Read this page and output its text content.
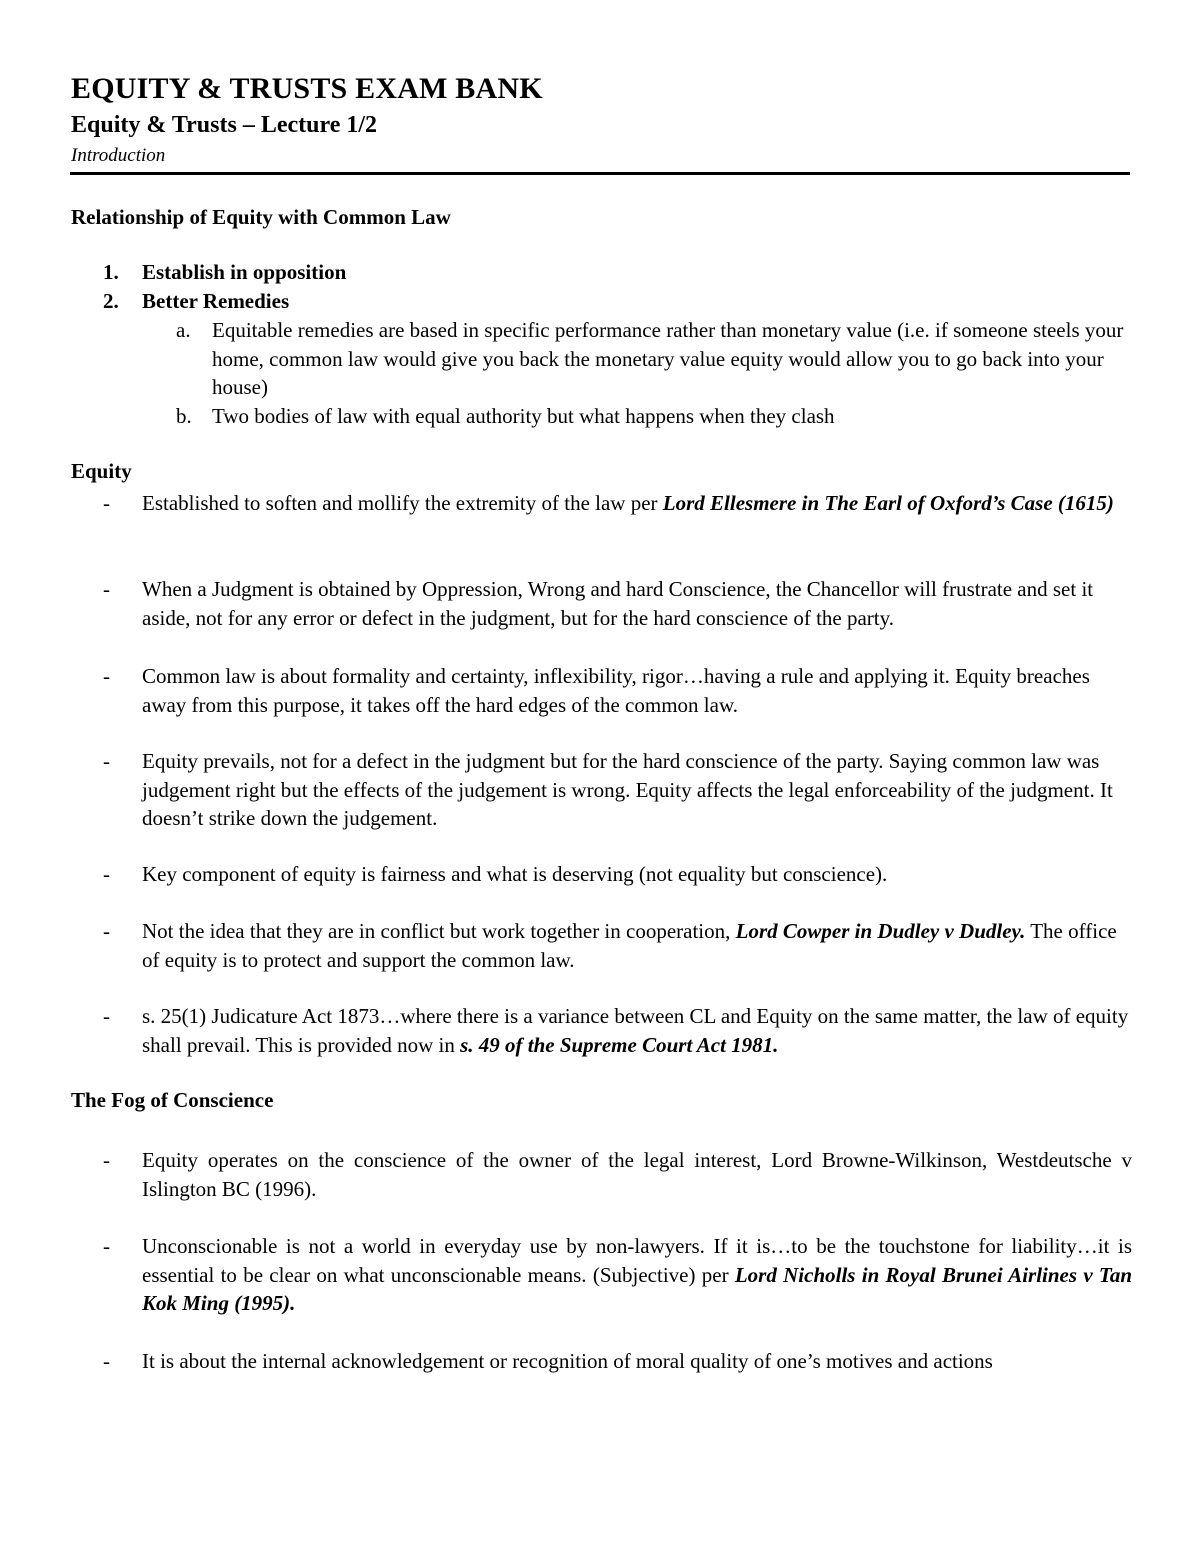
EQUITY & TRUSTS EXAM BANK
Equity & Trusts – Lecture 1/2
Introduction
Relationship of Equity with Common Law
1. Establish in opposition
2. Better Remedies
a. Equitable remedies are based in specific performance rather than monetary value (i.e. if someone steels your home, common law would give you back the monetary value equity would allow you to go back into your house)
b. Two bodies of law with equal authority but what happens when they clash
Equity
- Established to soften and mollify the extremity of the law per Lord Ellesmere in The Earl of Oxford’s Case (1615)
- When a Judgment is obtained by Oppression, Wrong and hard Conscience, the Chancellor will frustrate and set it aside, not for any error or defect in the judgment, but for the hard conscience of the party.
- Common law is about formality and certainty, inflexibility, rigor…having a rule and applying it. Equity breaches away from this purpose, it takes off the hard edges of the common law.
- Equity prevails, not for a defect in the judgment but for the hard conscience of the party. Saying common law was judgement right but the effects of the judgement is wrong. Equity affects the legal enforceability of the judgment. It doesn’t strike down the judgement.
- Key component of equity is fairness and what is deserving (not equality but conscience).
- Not the idea that they are in conflict but work together in cooperation, Lord Cowper in Dudley v Dudley. The office of equity is to protect and support the common law.
- s. 25(1) Judicature Act 1873…where there is a variance between CL and Equity on the same matter, the law of equity shall prevail. This is provided now in s. 49 of the Supreme Court Act 1981.
The Fog of Conscience
- Equity operates on the conscience of the owner of the legal interest, Lord Browne-Wilkinson, Westdeutsche v Islington BC (1996).
- Unconscionable is not a world in everyday use by non-lawyers. If it is…to be the touchstone for liability…it is essential to be clear on what unconscionable means. (Subjective) per Lord Nicholls in Royal Brunei Airlines v Tan Kok Ming (1995).
- It is about the internal acknowledgement or recognition of moral quality of one’s motives and actions
